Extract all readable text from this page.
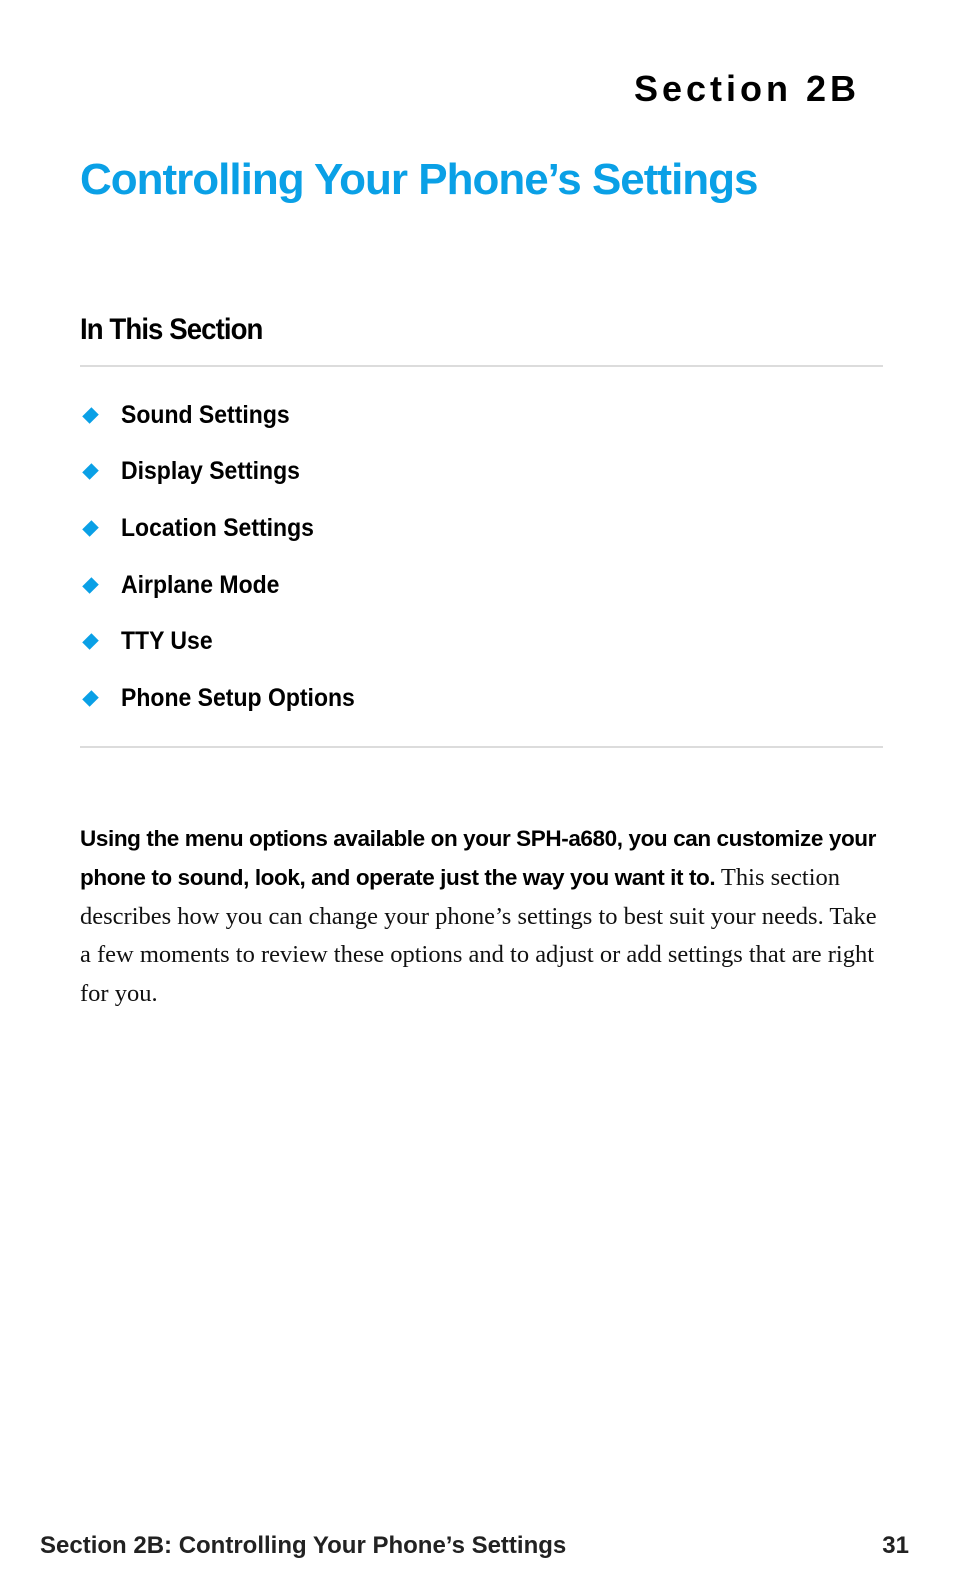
Section 2B
Controlling Your Phone’s Settings
In This Section
Sound Settings
Display Settings
Location Settings
Airplane Mode
TTY Use
Phone Setup Options

Using the menu options available on your SPH-a680, you can customize your phone to sound, look, and operate just the way you want it to. This section describes how you can change your phone’s settings to best suit your needs. Take a few moments to review these options and to adjust or add settings that are right for you.

Section 2B: Controlling Your Phone’s Settings	31
